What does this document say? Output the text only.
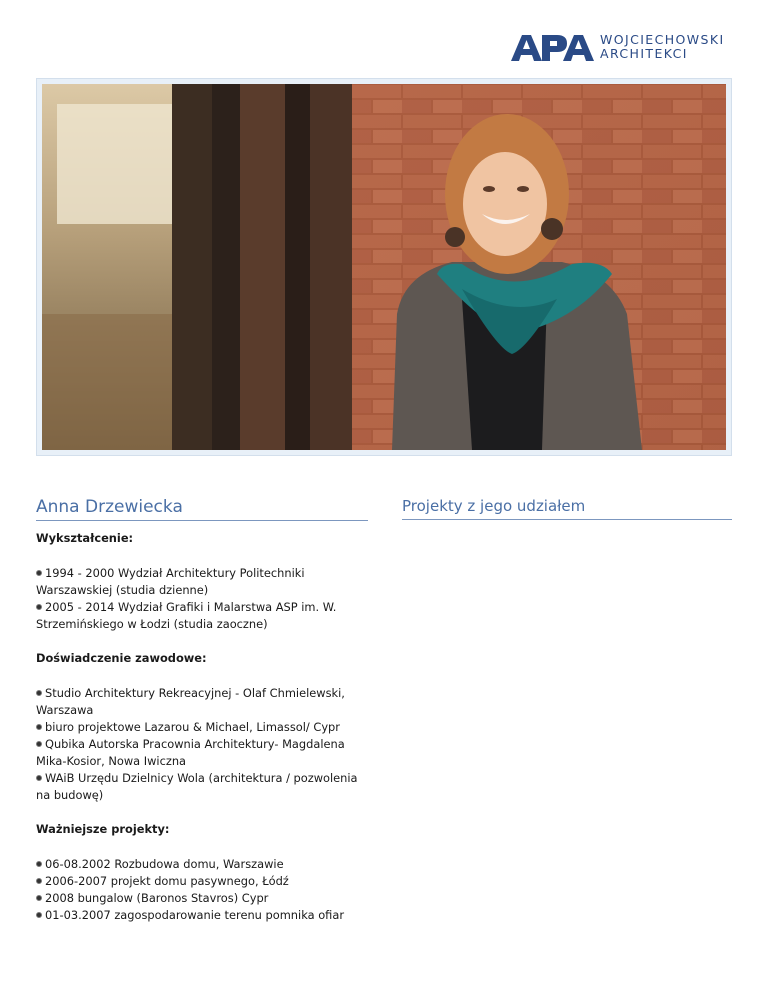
WOJCIECHOWSKI
ARCHITEKCI
Anna Drzewiecka	Projekty z jego udziałem
Wykształcenie:
1994 - 2000 Wydział Architektury Politechniki Warszawskiej (studia dzienne)
2005 - 2014 Wydział Grafiki i Malarstwa ASP im. W. Strzemińskiego w Łodzi (studia zaoczne)
Doświadczenie zawodowe:
Studio Architektury Rekreacyjnej - Olaf Chmielewski, Warszawa
biuro projektowe Lazarou & Michael, Limassol/ Cypr
Qubika Autorska Pracownia Architektury- Magdalena Mika-Kosior, Nowa Iwiczna
WAiB Urzędu Dzielnicy Wola (architektura / pozwolenia na budowę)
Ważniejsze projekty:
06-08.2002 Rozbudowa domu, Warszawie
2006-2007 projekt domu pasywnego, Łódź
2008 bungalow (Baronos Stavros) Cypr
01-03.2007 zagospodarowanie terenu pomnika ofiar
